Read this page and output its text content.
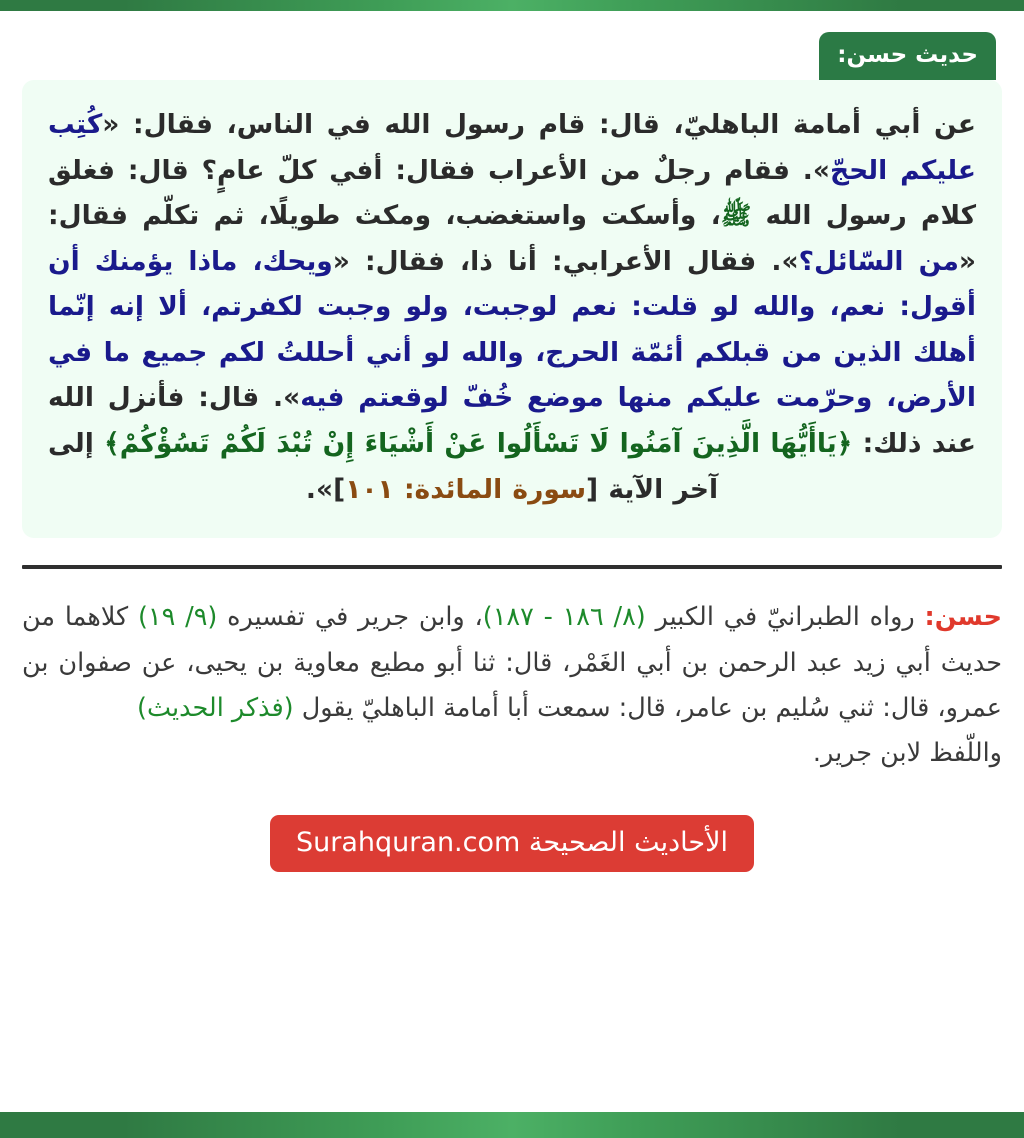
حديث حسن:
عن أبي أمامة الباهليّ، قال: قام رسول الله في الناس، فقال: «كُتِب عليكم الحجّ». فقام رجلٌ من الأعراب فقال: أفي كلّ عامٍ؟ قال: فغلق كلام رسول الله ﷺ، وأسكت واستغضب، ومكث طويلًا، ثم تكلّم فقال: «من السّائل؟». فقال الأعرابي: أنا ذا، فقال: «ويحك، ماذا يؤمنك أن أقول: نعم، والله لو قلت: نعم لوجبت، ولو وجبت لكفرتم، ألا إنه إنّما أهلك الذين من قبلكم أئمّة الحرج، والله لو أني أحللتُ لكم جميع ما في الأرض، وحرّمت عليكم منها موضع خُفّ لوقعتم فيه». قال: فأنزل الله عند ذلك: ﴿يَاأَيُّهَا الَّذِينَ آمَنُوا لَا تَسْأَلُوا عَنْ أَشْيَاءَ إِنْ تُبْدَ لَكُمْ تَسُؤْكُمْ﴾ إلى آخر الآية [سورة المائدة: ١٠١]».
حسن: رواه الطبرانيّ في الكبير (٨/ ١٨٦ - ١٨٧)، وابن جرير في تفسيره (٩/ ١٩) كلاهما من حديث أبي زيد عبد الرحمن بن أبي الغَمْر، قال: ثنا أبو مطيع معاوية بن يحيى، عن صفوان بن عمرو، قال: ثني سُليم بن عامر، قال: سمعت أبا أمامة الباهليّ يقول (فذكر الحديث)
واللّفظ لابن جرير.
الأحاديث الصحيحة Surahquran.com
